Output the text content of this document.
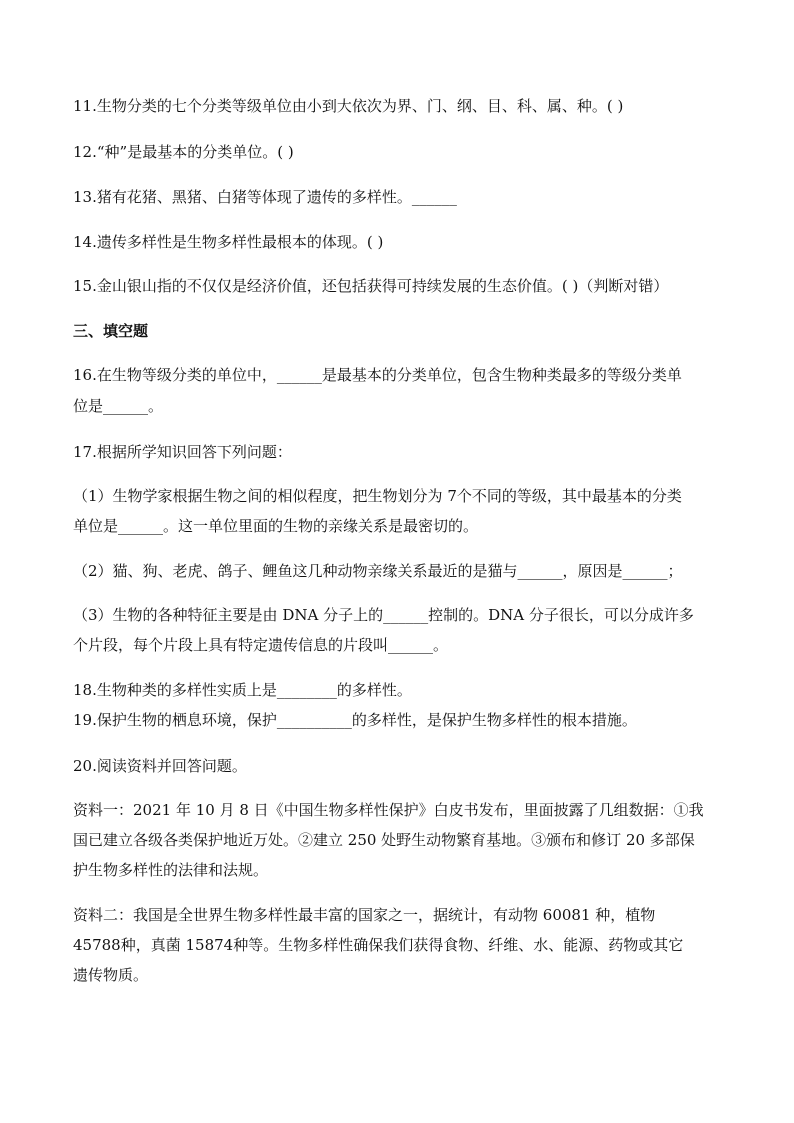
11.生物分类的七个分类等级单位由小到大依次为界、门、纲、目、科、属、种。( )
12.“种”是最基本的分类单位。( )
13.猪有花猪、黑猪、白猪等体现了遗传的多样性。______
14.遗传多样性是生物多样性最根本的体现。( )
15.金山银山指的不仅仅是经济价值，还包括获得可持续发展的生态价值。( )（判断对错）
三、填空题
16.在生物等级分类的单位中，______是最基本的分类单位，包含生物种类最多的等级分类单
位是______。
17.根据所学知识回答下列问题：
（1）生物学家根据生物之间的相似程度，把生物划分为 7个不同的等级，其中最基本的分类
单位是______。这一单位里面的生物的亲缘关系是最密切的。
（2）猫、狗、老虎、鸽子、鲤鱼这几种动物亲缘关系最近的是猫与______，原因是______；
（3）生物的各种特征主要是由 DNA 分子上的______控制的。DNA 分子很长，可以分成许多
个片段，每个片段上具有特定遗传信息的片段叫______。
18.生物种类的多样性实质上是________的多样性。
19.保护生物的栖息环境，保护__________的多样性，是保护生物多样性的根本措施。
20.阅读资料并回答问题。
资料一：2021 年 10 月 8 日《中国生物多样性保护》白皮书发布，里面披露了几组数据：①我
国已建立各级各类保护地近万处。②建立 250 处野生动物繁育基地。③颁布和修订 20 多部保
护生物多样性的法律和法规。
资料二：我国是全世界生物多样性最丰富的国家之一，据统计，有动物 60081 种，植物
45788种，真菌 15874种等。生物多样性确保我们获得食物、纤维、水、能源、药物或其它
遗传物质。
